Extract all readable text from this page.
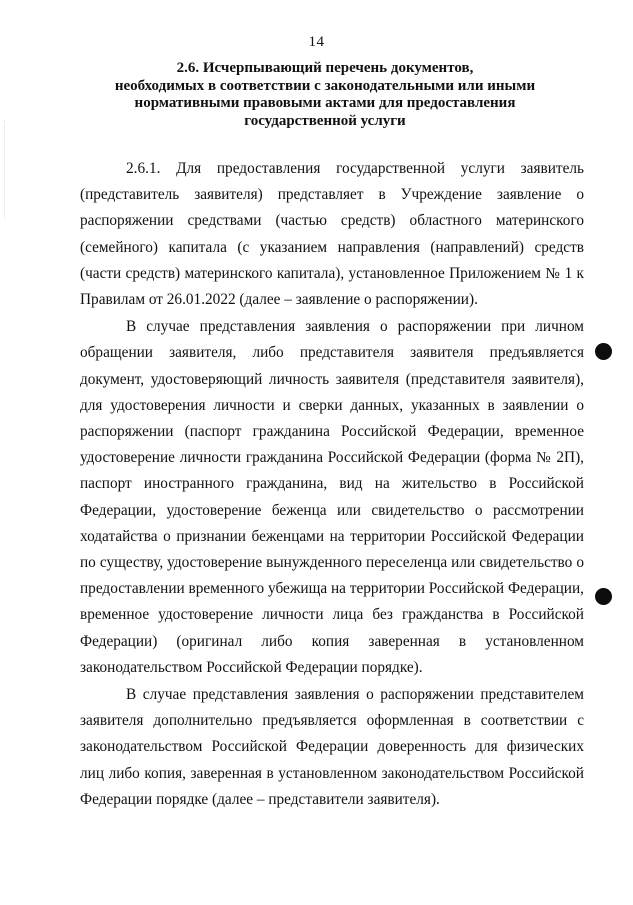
14
2.6. Исчерпывающий перечень документов,
необходимых в соответствии с законодательными или иными
нормативными правовыми актами для предоставления
государственной услуги

2.6.1. Для предоставления государственной услуги заявитель (представитель заявителя) представляет в Учреждение заявление о распоряжении средствами (частью средств) областного материнского (семейного) капитала (с указанием направления (направлений) средств (части средств) материнского капитала), установленное Приложением № 1 к Правилам от 26.01.2022 (далее – заявление о распоряжении).

В случае представления заявления о распоряжении при личном обращении заявителя, либо представителя заявителя предъявляется документ, удостоверяющий личность заявителя (представителя заявителя), для удостоверения личности и сверки данных, указанных в заявлении о распоряжении (паспорт гражданина Российской Федерации, временное удостоверение личности гражданина Российской Федерации (форма № 2П), паспорт иностранного гражданина, вид на жительство в Российской Федерации, удостоверение беженца или свидетельство о рассмотрении ходатайства о признании беженцами на территории Российской Федерации по существу, удостоверение вынужденного переселенца или свидетельство о предоставлении временного убежища на территории Российской Федерации, временное удостоверение личности лица без гражданства в Российской Федерации) (оригинал либо копия заверенная в установленном законодательством Российской Федерации порядке).

В случае представления заявления о распоряжении представителем заявителя дополнительно предъявляется оформленная в соответствии с законодательством Российской Федерации доверенность для физических лиц либо копия, заверенная в установленном законодательством Российской Федерации порядке (далее – представители заявителя).
